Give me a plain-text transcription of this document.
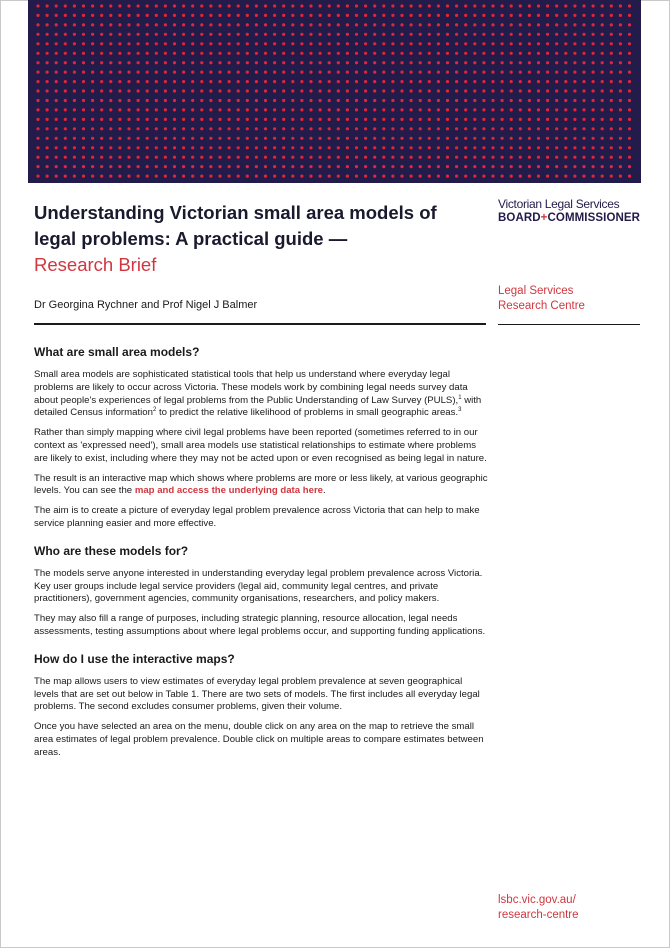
Understanding Victorian small area models of legal problems: A practical guide —
Research Brief
Victorian Legal Services
BOARD+COMMISSIONER
Dr Georgina Rychner and Prof Nigel J Balmer
Legal Services
Research Centre
What are small area models?

Small area models are sophisticated statistical tools that help us understand where everyday legal problems are likely to occur across Victoria. These models work by combining legal needs survey data about people's experiences of legal problems from the Public Understanding of Law Survey (PULS),$^1$ with detailed Census information$^2$ to predict the relative likelihood of problems in small geographic areas.$^3$

Rather than simply mapping where civil legal problems have been reported (sometimes referred to in our context as 'expressed need'), small area models use statistical relationships to estimate where problems are likely to exist, including where they may not be acted upon or even recognised as being legal in nature.

The result is an interactive map which shows where problems are more or less likely, at various geographic levels. You can see the map and access the underlying data here.

The aim is to create a picture of everyday legal problem prevalence across Victoria that can help to make service planning easier and more effective.

Who are these models for?

The models serve anyone interested in understanding everyday legal problem prevalence across Victoria. Key user groups include legal service providers (legal aid, community legal centres, and private practitioners), government agencies, community organisations, researchers, and policy makers.

They may also fill a range of purposes, including strategic planning, resource allocation, legal needs assessments, testing assumptions about where legal problems occur, and supporting funding applications.

How do I use the interactive maps?

The map allows users to view estimates of everyday legal problem prevalence at seven geographical levels that are set out below in Table 1. There are two sets of models. The first includes all everyday legal problems. The second excludes consumer problems, given their volume.

Once you have selected an area on the menu, double click on any area on the map to retrieve the small area estimates of legal problem prevalence. Double click on multiple areas to compare estimates between areas.

lsbc.vic.gov.au/
research-centre
